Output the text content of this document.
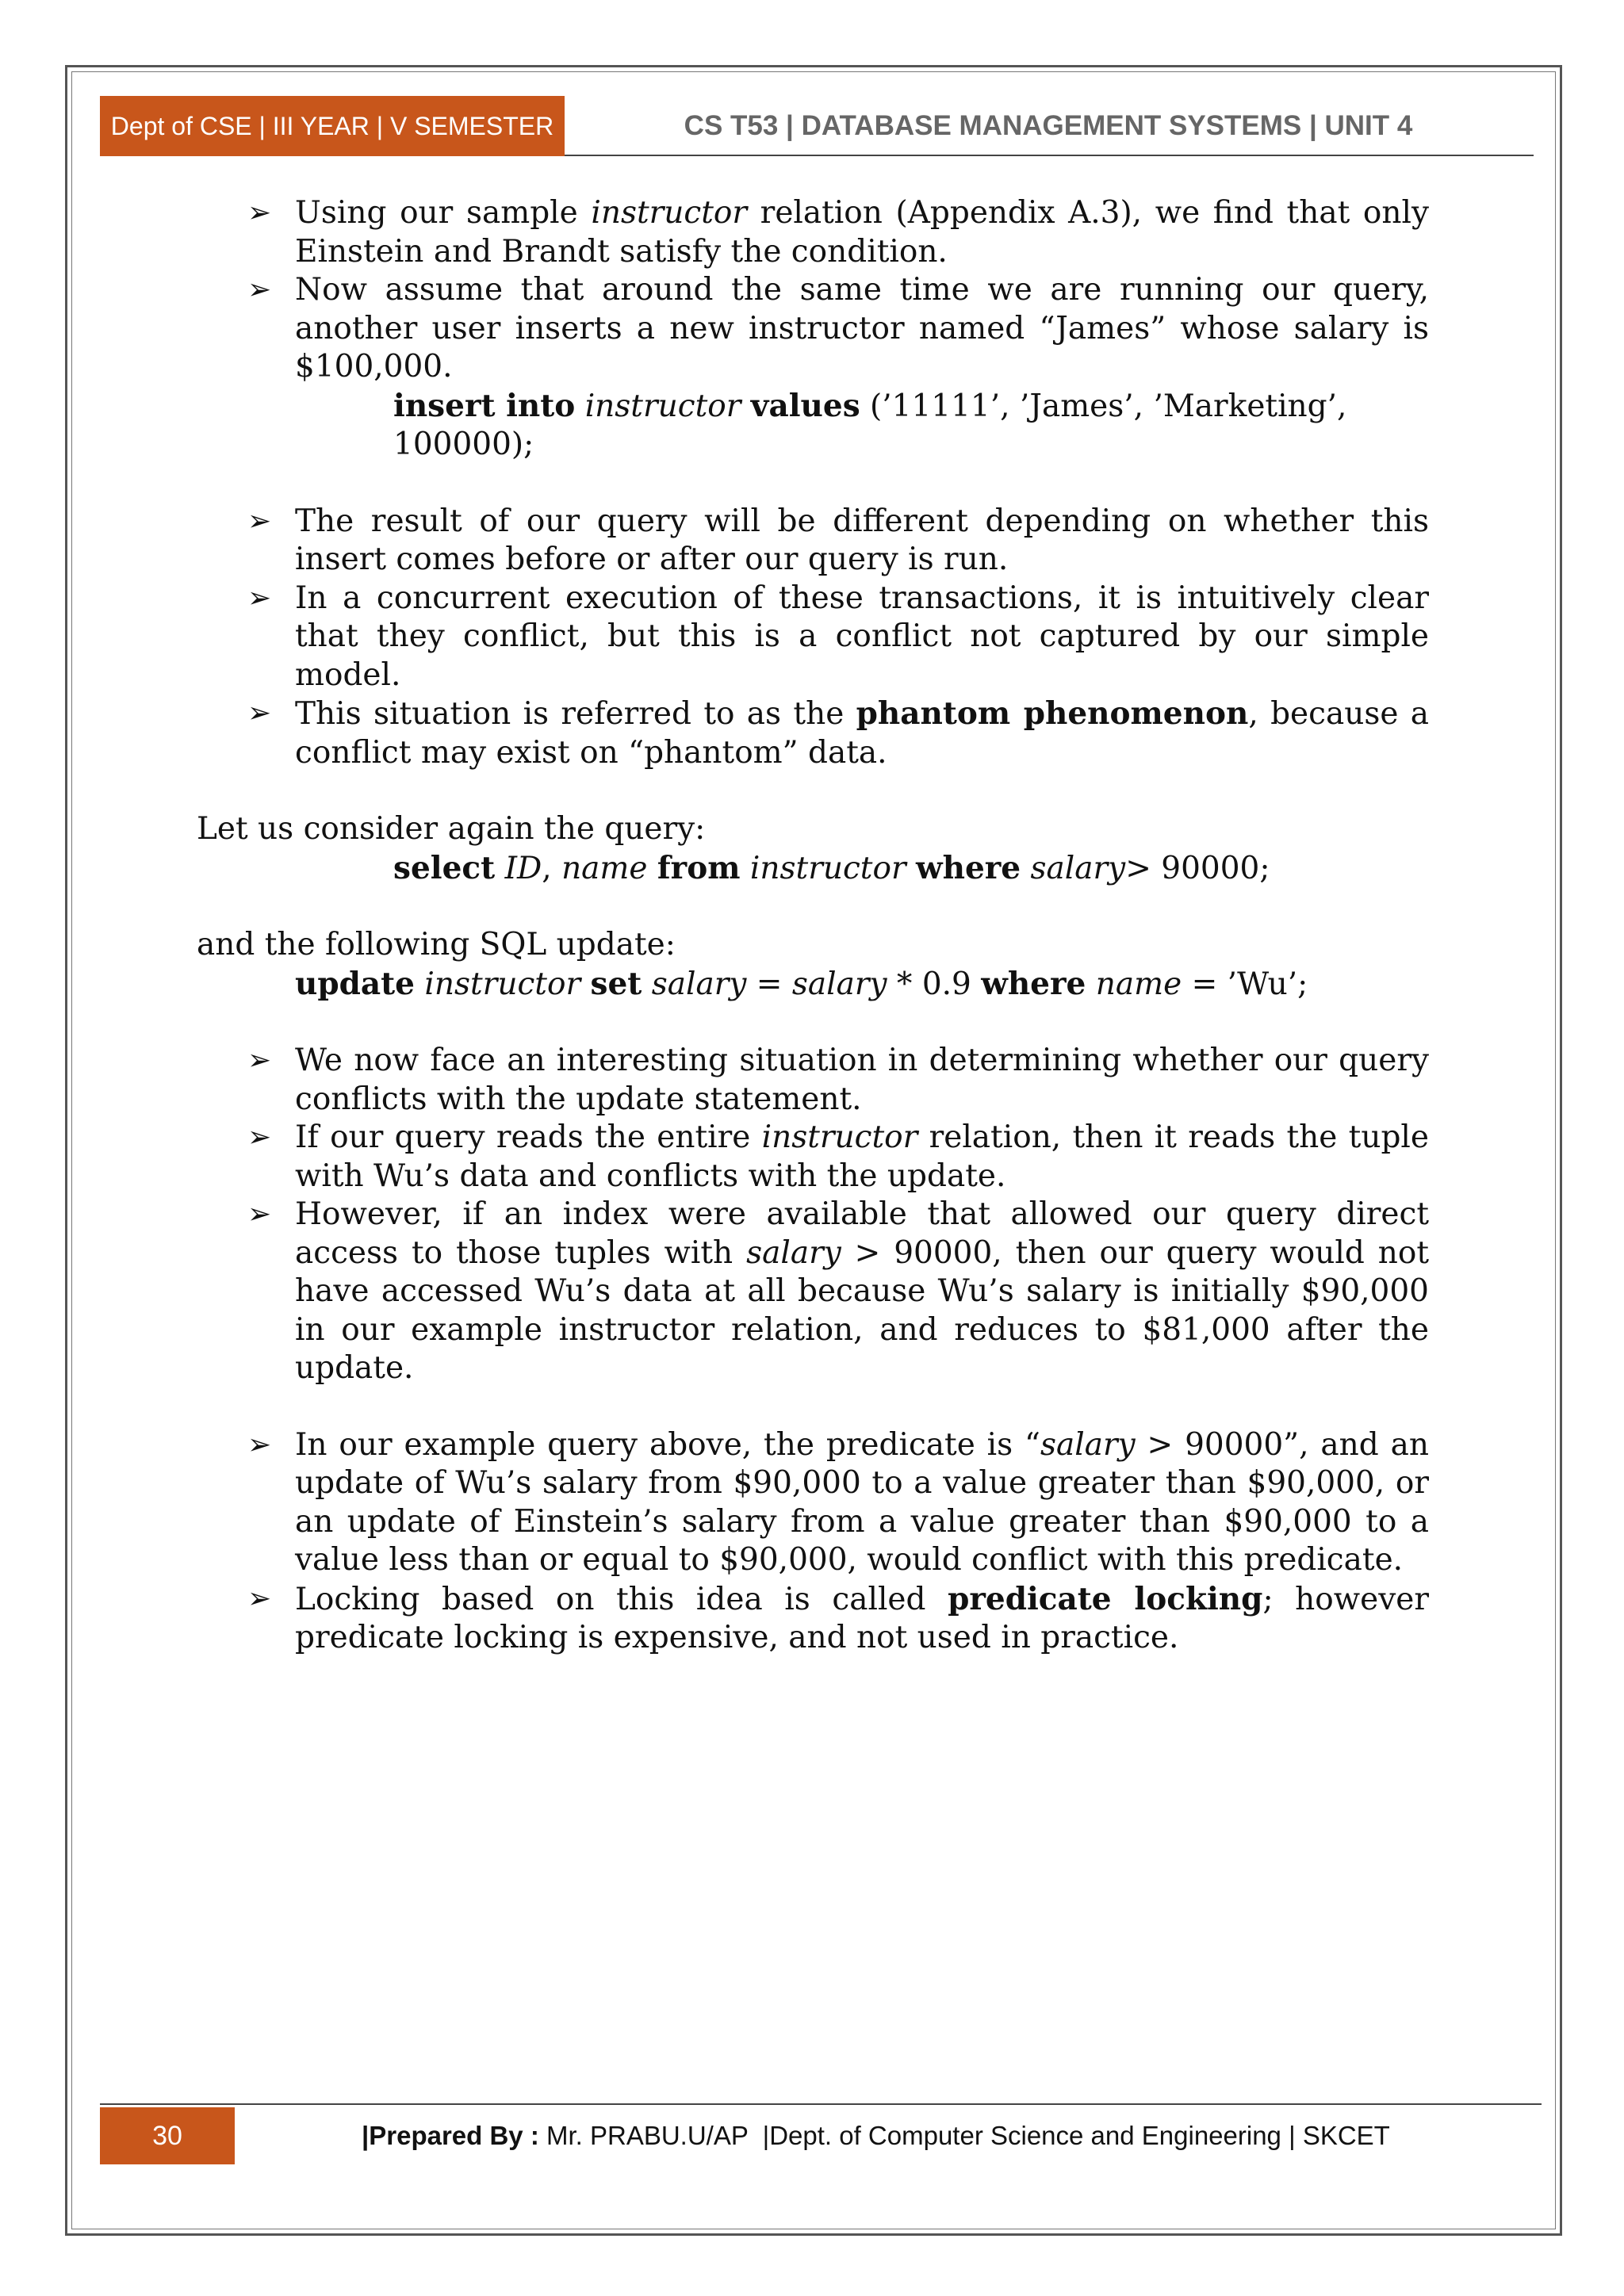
Dept of CSE | III YEAR | V SEMESTER	CS T53 | DATABASE MANAGEMENT SYSTEMS | UNIT 4
➢ Using our sample instructor relation (Appendix A.3), we find that only Einstein and Brandt satisfy the condition.
➢ Now assume that around the same time we are running our query, another user inserts a new instructor named “James” whose salary is $100,000.
insert into instructor values (’11111’, ’James’, ’Marketing’, 100000);
➢ The result of our query will be different depending on whether this insert comes before or after our query is run.
➢ In a concurrent execution of these transactions, it is intuitively clear that they conflict, but this is a conflict not captured by our simple model.
➢ This situation is referred to as the phantom phenomenon, because a conflict may exist on “phantom” data.
Let us consider again the query:
select ID, name from instructor where salary> 90000;
and the following SQL update:
update instructor set salary = salary * 0.9 where name = ’Wu’;
➢ We now face an interesting situation in determining whether our query conflicts with the update statement.
➢ If our query reads the entire instructor relation, then it reads the tuple with Wu’s data and conflicts with the update.
➢ However, if an index were available that allowed our query direct access to those tuples with salary > 90000, then our query would not have accessed Wu’s data at all because Wu’s salary is initially $90,000 in our example instructor relation, and reduces to $81,000 after the update.
➢ In our example query above, the predicate is “salary > 90000”, and an update of Wu’s salary from $90,000 to a value greater than $90,000, or an update of Einstein’s salary from a value greater than $90,000 to a value less than or equal to $90,000, would conflict with this predicate.
➢ Locking based on this idea is called predicate locking; however predicate locking is expensive, and not used in practice.
30	|Prepared By : Mr. PRABU.U/AP  |Dept. of Computer Science and Engineering | SKCET
